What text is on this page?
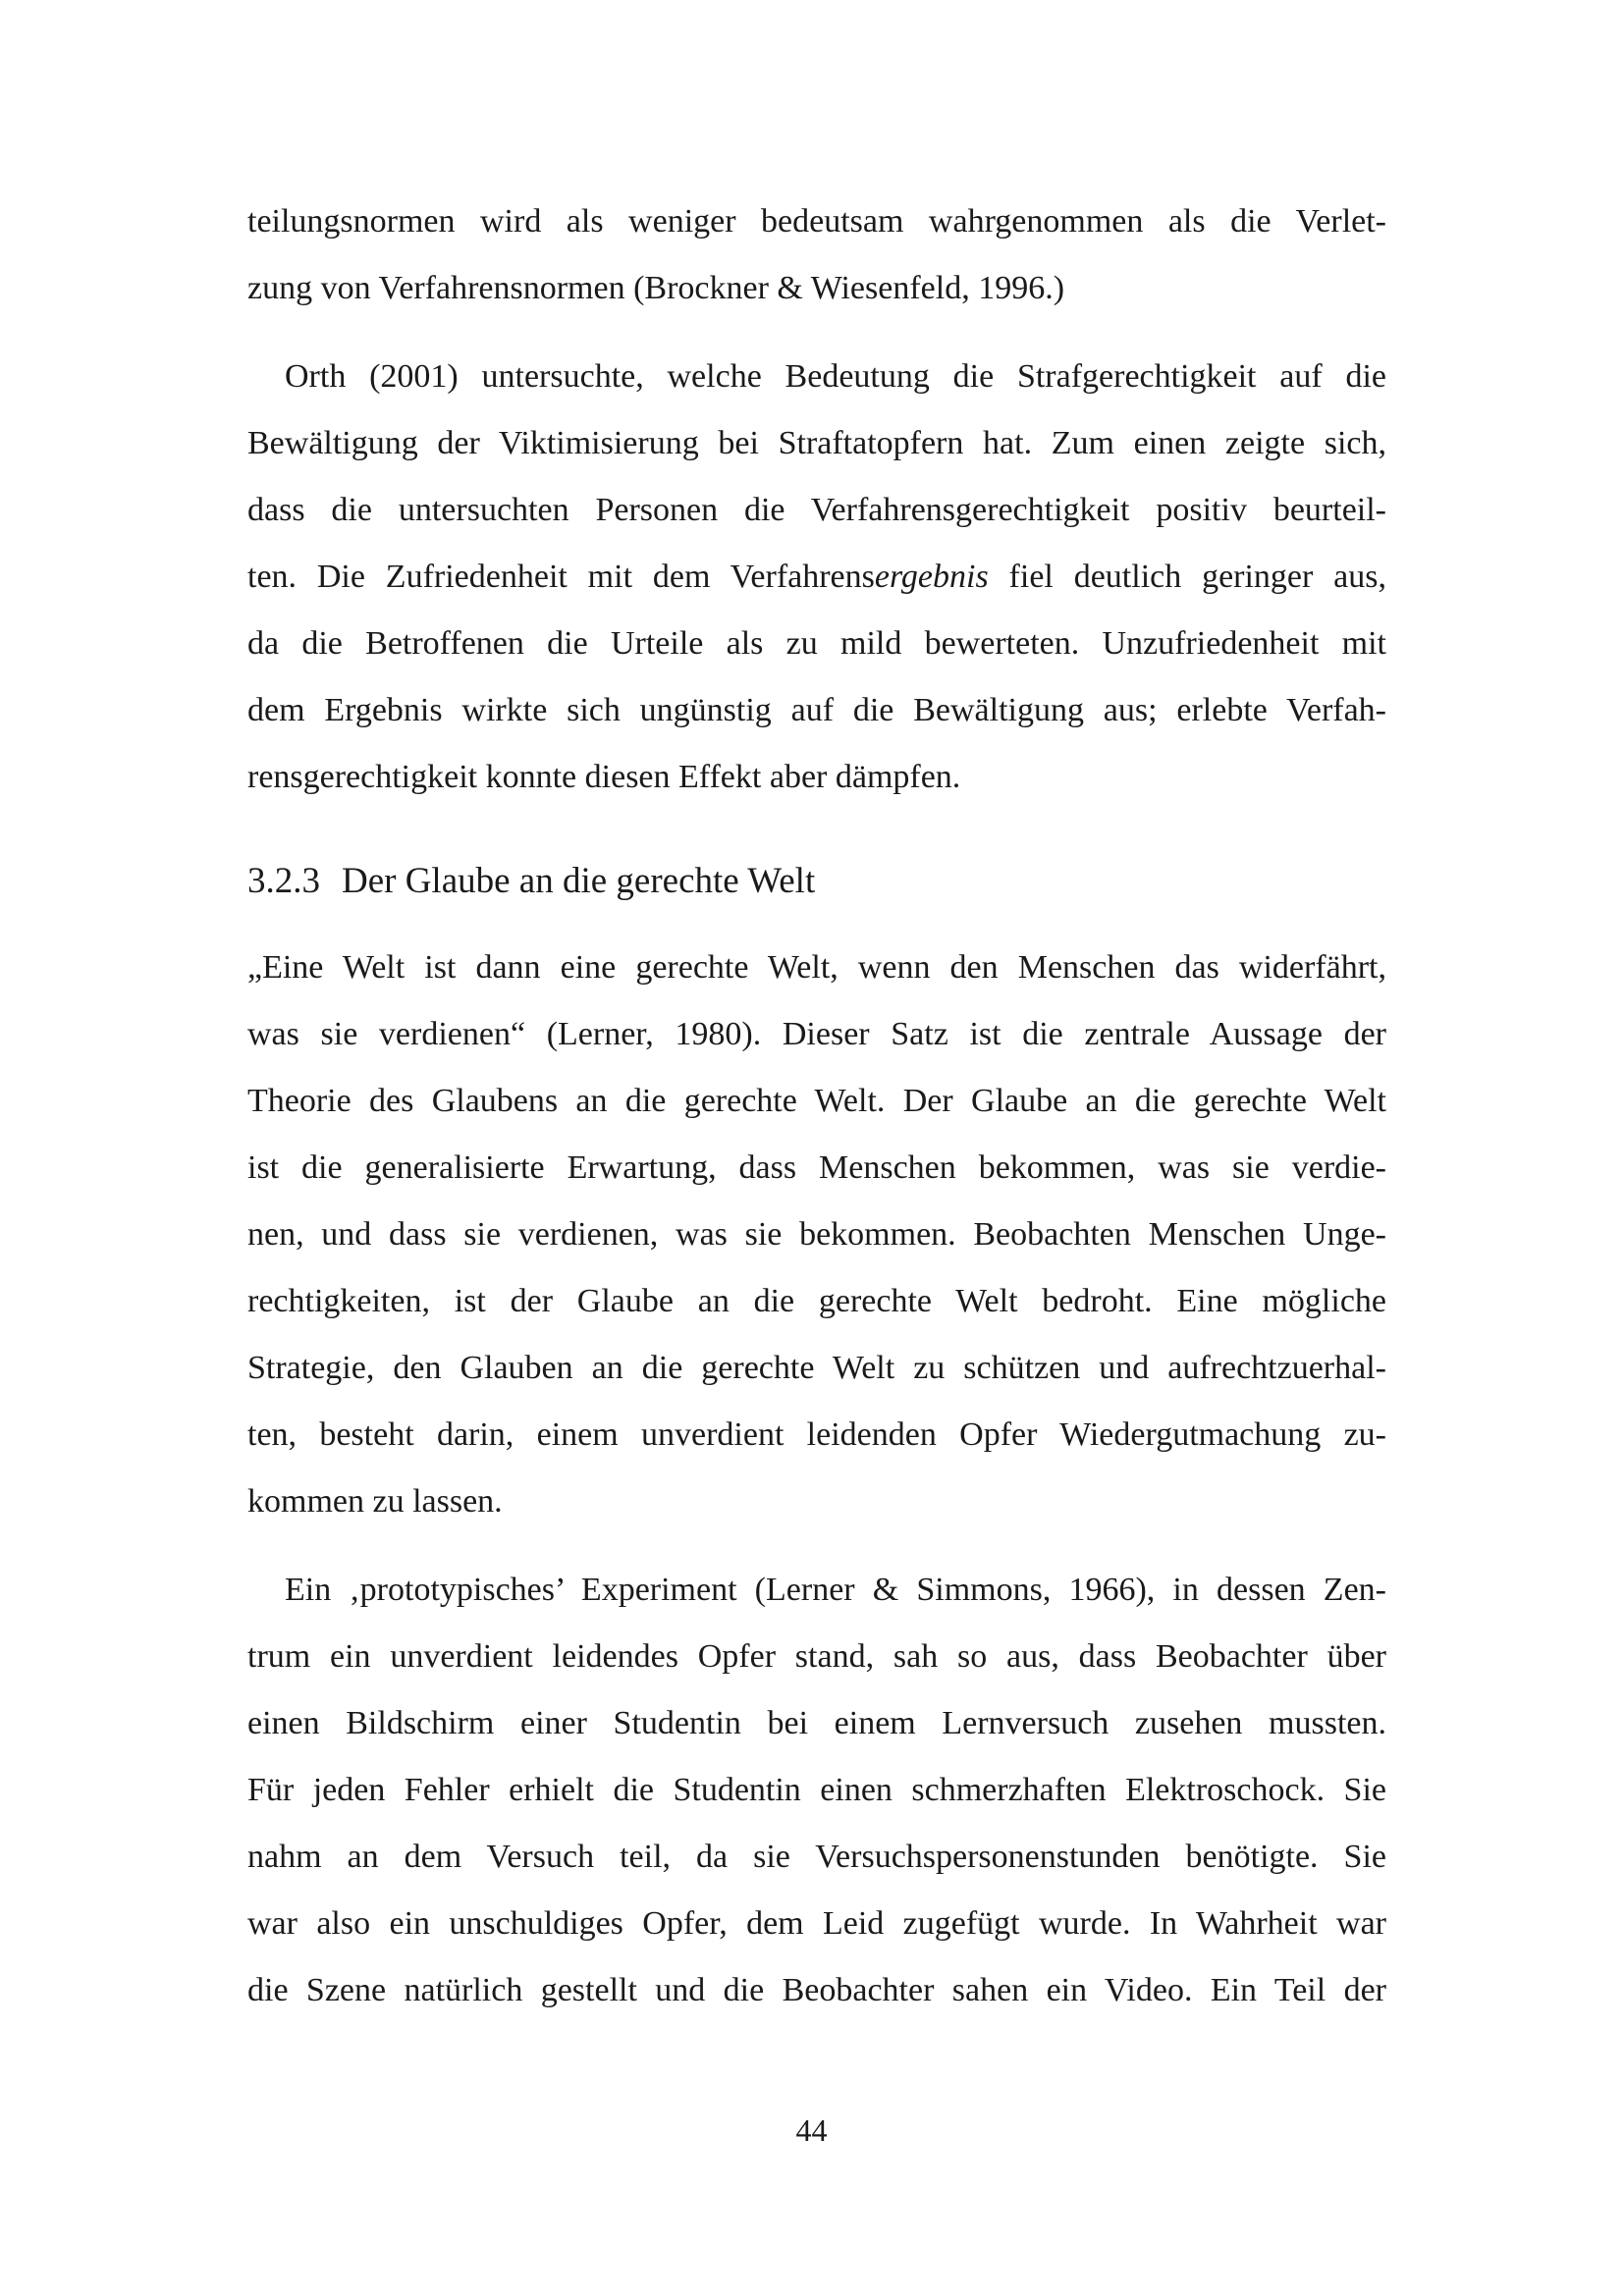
teilungsnormen wird als weniger bedeutsam wahrgenommen als die Verlet-
zung von Verfahrensnormen (Brockner & Wiesenfeld, 1996.)
Orth (2001) untersuchte, welche Bedeutung die Strafgerechtigkeit auf die
Bewältigung der Viktimisierung bei Straftatopfern hat. Zum einen zeigte sich,
dass die untersuchten Personen die Verfahrensgerechtigkeit positiv beurteil-
ten. Die Zufriedenheit mit dem Verfahrensergebnis fiel deutlich geringer aus,
da die Betroffenen die Urteile als zu mild bewerteten. Unzufriedenheit mit
dem Ergebnis wirkte sich ungünstig auf die Bewältigung aus; erlebte Verfah-
rensgerechtigkeit konnte diesen Effekt aber dämpfen.
3.2.3 Der Glaube an die gerechte Welt
„Eine Welt ist dann eine gerechte Welt, wenn den Menschen das widerfährt,
was sie verdienen“ (Lerner, 1980). Dieser Satz ist die zentrale Aussage der
Theorie des Glaubens an die gerechte Welt. Der Glaube an die gerechte Welt
ist die generalisierte Erwartung, dass Menschen bekommen, was sie verdie-
nen, und dass sie verdienen, was sie bekommen. Beobachten Menschen Unge-
rechtigkeiten, ist der Glaube an die gerechte Welt bedroht. Eine mögliche
Strategie, den Glauben an die gerechte Welt zu schützen und aufrechtzuerhal-
ten, besteht darin, einem unverdient leidenden Opfer Wiedergutmachung zu-
kommen zu lassen.
Ein ‚prototypisches’ Experiment (Lerner & Simmons, 1966), in dessen Zen-
trum ein unverdient leidendes Opfer stand, sah so aus, dass Beobachter über
einen Bildschirm einer Studentin bei einem Lernversuch zusehen mussten.
Für jeden Fehler erhielt die Studentin einen schmerzhaften Elektroschock. Sie
nahm an dem Versuch teil, da sie Versuchspersonenstunden benötigte. Sie
war also ein unschuldiges Opfer, dem Leid zugefügt wurde. In Wahrheit war
die Szene natürlich gestellt und die Beobachter sahen ein Video. Ein Teil der
44
